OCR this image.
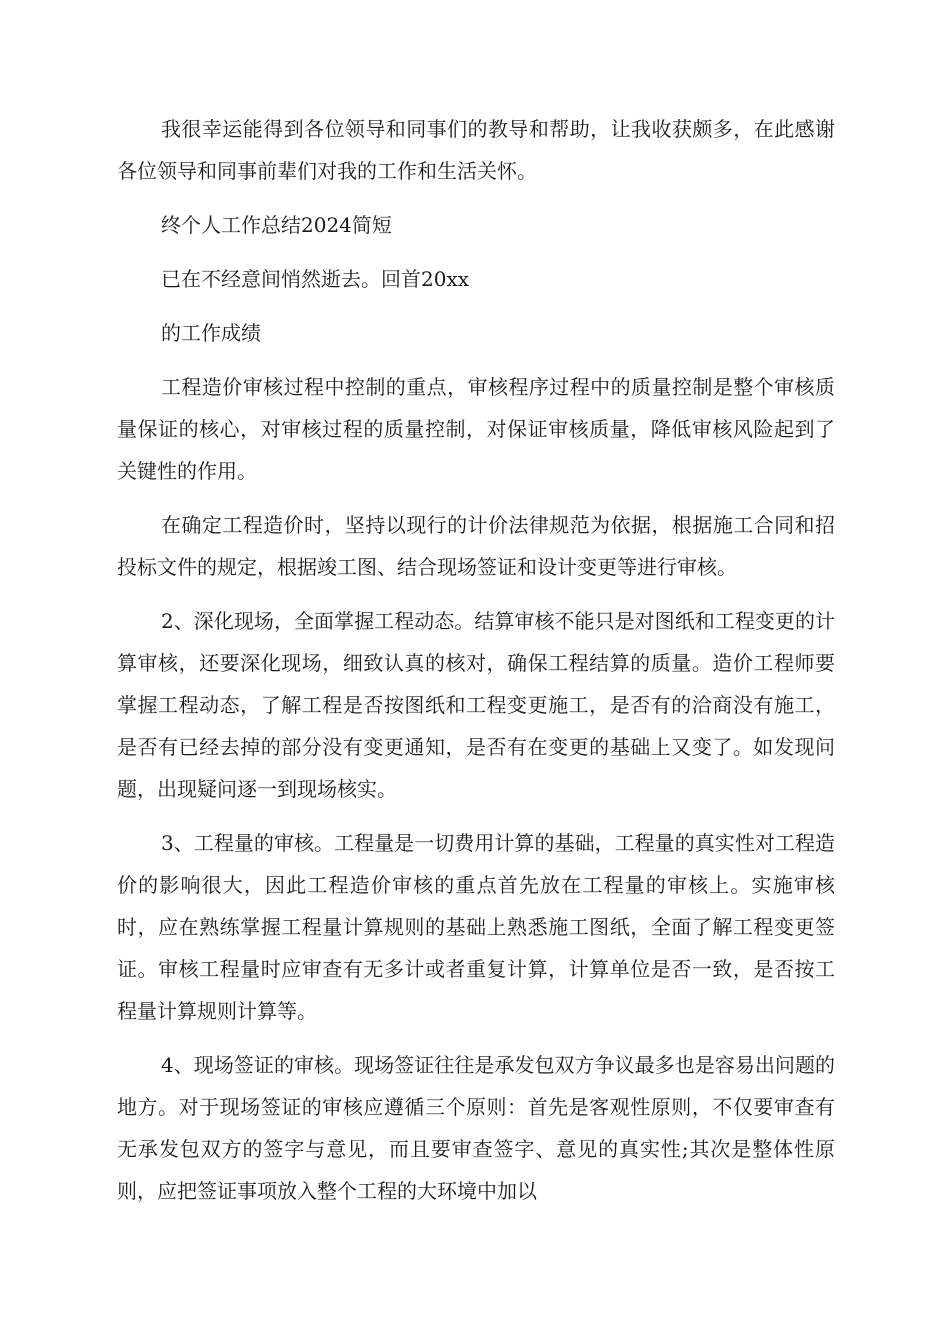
我很幸运能得到各位领导和同事们的教导和帮助，让我收获颇多，在此感谢各位领导和同事前辈们对我的工作和生活关怀。

终个人工作总结2024简短

已在不经意间悄然逝去。回首20xx

的工作成绩

工程造价审核过程中控制的重点，审核程序过程中的质量控制是整个审核质量保证的核心，对审核过程的质量控制，对保证审核质量，降低审核风险起到了关键性的作用。

在确定工程造价时，坚持以现行的计价法律规范为依据，根据施工合同和招投标文件的规定，根据竣工图、结合现场签证和设计变更等进行审核。

2、深化现场，全面掌握工程动态。结算审核不能只是对图纸和工程变更的计算审核，还要深化现场，细致认真的核对，确保工程结算的质量。造价工程师要掌握工程动态，了解工程是否按图纸和工程变更施工，是否有的洽商没有施工，是否有已经去掉的部分没有变更通知，是否有在变更的基础上又变了。如发现问题，出现疑问逐一到现场核实。

3、工程量的审核。工程量是一切费用计算的基础，工程量的真实性对工程造价的影响很大，因此工程造价审核的重点首先放在工程量的审核上。实施审核时，应在熟练掌握工程量计算规则的基础上熟悉施工图纸，全面了解工程变更签证。审核工程量时应审查有无多计或者重复计算，计算单位是否一致，是否按工程量计算规则计算等。

4、现场签证的审核。现场签证往往是承发包双方争议最多也是容易出问题的地方。对于现场签证的审核应遵循三个原则：首先是客观性原则，不仅要审查有无承发包双方的签字与意见，而且要审查签字、意见的真实性;其次是整体性原则，应把签证事项放入整个工程的大环境中加以
